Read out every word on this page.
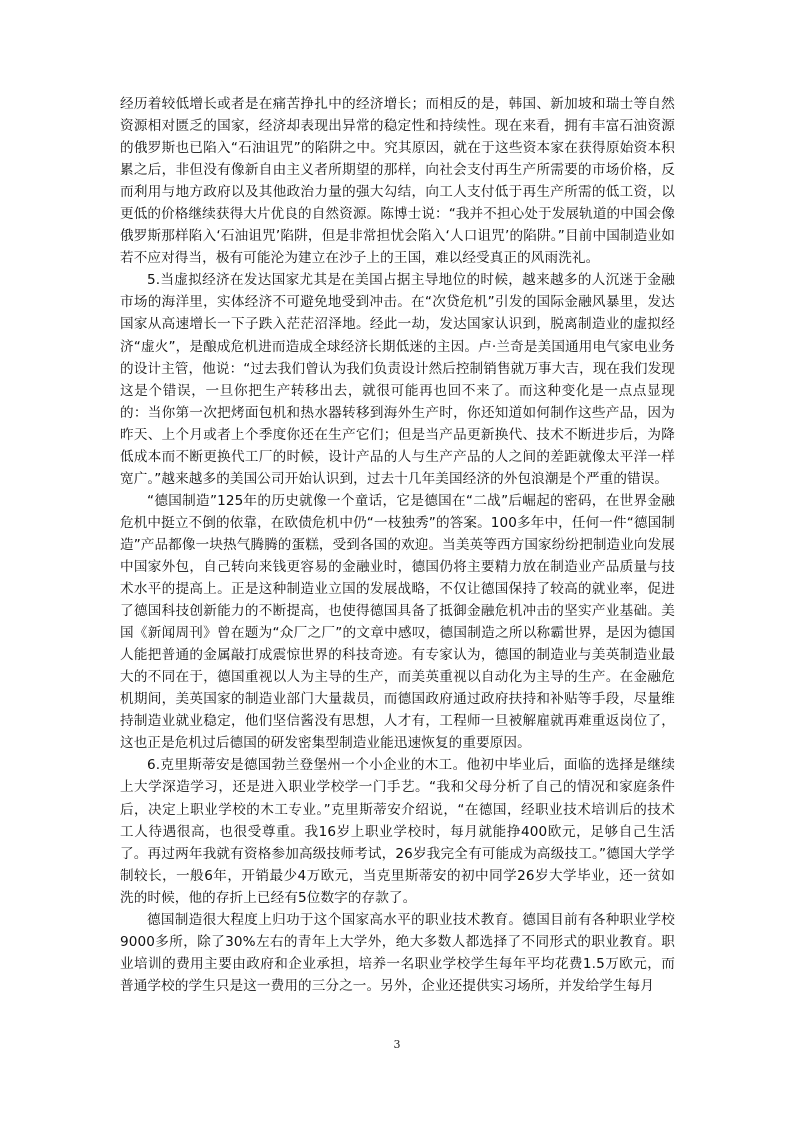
经历着较低增长或者是在痛苦挣扎中的经济增长；而相反的是，韩国、新加坡和瑞士等自然资源相对匮乏的国家，经济却表现出异常的稳定性和持续性。现在来看，拥有丰富石油资源的俄罗斯也已陷入“石油诅咒”的陷阱之中。究其原因，就在于这些资本家在获得原始资本积累之后，非但没有像新自由主义者所期望的那样，向社会支付再生产所需要的市场价格，反而利用与地方政府以及其他政治力量的强大勾结，向工人支付低于再生产所需的低工资，以更低的价格继续获得大片优良的自然资源。陈博士说：“我并不担心处于发展轨道的中国会像俄罗斯那样陷入‘石油诅咒’陷阱，但是非常担忧会陷入‘人口诅咒’的陷阱。”目前中国制造业如若不应对得当，极有可能沦为建立在沙子上的王国，难以经受真正的风雨洗礼。

5.当虚拟经济在发达国家尤其是在美国占据主导地位的时候，越来越多的人沉迷于金融市场的海洋里，实体经济不可避免地受到冲击。在“次贷危机”引发的国际金融风暴里，发达国家从高速增长一下子跌入茫茫沼泽地。经此一劫，发达国家认识到，脱离制造业的虚拟经济“虚火”，是酿成危机进而造成全球经济长期低迷的主因。卢·兰奇是美国通用电气家电业务的设计主管，他说：“过去我们曾认为我们负责设计然后控制销售就万事大吉，现在我们发现这是个错误，一旦你把生产转移出去，就很可能再也回不来了。而这种变化是一点点显现的：当你第一次把烤面包机和热水器转移到海外生产时，你还知道如何制作这些产品，因为昨天、上个月或者上个季度你还在生产它们；但是当产品更新换代、技术不断进步后，为降低成本而不断更换代工厂的时候，设计产品的人与生产产品的人之间的差距就像太平洋一样宽广。”越来越多的美国公司开始认识到，过去十几年美国经济的外包浪潮是个严重的错误。

“德国制造”125年的历史就像一个童话，它是德国在“二战”后崛起的密码，在世界金融危机中挺立不倒的依靠，在欧债危机中仍“一枝独秀”的答案。100多年中，任何一件“德国制造”产品都像一块热气腾腾的蛋糕，受到各国的欢迎。当美英等西方国家纷纷把制造业向发展中国家外包，自己转向来钱更容易的金融业时，德国仍将主要精力放在制造业产品质量与技术水平的提高上。正是这种制造业立国的发展战略，不仅让德国保持了较高的就业率，促进了德国科技创新能力的不断提高，也使得德国具备了抵御金融危机冲击的坚实产业基础。美国《新闻周刊》曾在题为“众厂之厂”的文章中感叹，德国制造之所以称霸世界，是因为德国人能把普通的金属敲打成震惊世界的科技奇迹。有专家认为，德国的制造业与美英制造业最大的不同在于，德国重视以人为主导的生产，而美英重视以自动化为主导的生产。在金融危机期间，美英国家的制造业部门大量裁员，而德国政府通过政府扶持和补贴等手段，尽量维持制造业就业稳定，他们坚信酱没有思想，人才有，工程师一旦被解雇就再难重返岗位了，这也正是危机过后德国的研发密集型制造业能迅速恢复的重要原因。

6.克里斯蒂安是德国勃兰登堡州一个小企业的木工。他初中毕业后，面临的选择是继续上大学深造学习，还是进入职业学校学一门手艺。“我和父母分析了自己的情况和家庭条件后，决定上职业学校的木工专业。”克里斯蒂安介绍说，“在德国，经职业技术培训后的技术工人待遇很高，也很受尊重。我16岁上职业学校时，每月就能挣400欧元，足够自己生活了。再过两年我就有资格参加高级技师考试，26岁我完全有可能成为高级技工。”德国大学学制较长，一般6年，开销最少4万欧元，当克里斯蒂安的初中同学26岁大学毕业，还一贫如洗的时候，他的存折上已经有5位数字的存款了。

德国制造很大程度上归功于这个国家高水平的职业技术教育。德国目前有各种职业学校9000多所，除了30%左右的青年上大学外，绝大多数人都选择了不同形式的职业教育。职业培训的费用主要由政府和企业承担，培养一名职业学校学生每年平均花费1.5万欧元，而普通学校的学生只是这一费用的三分之一。另外，企业还提供实习场所，并发给学生每月

3
